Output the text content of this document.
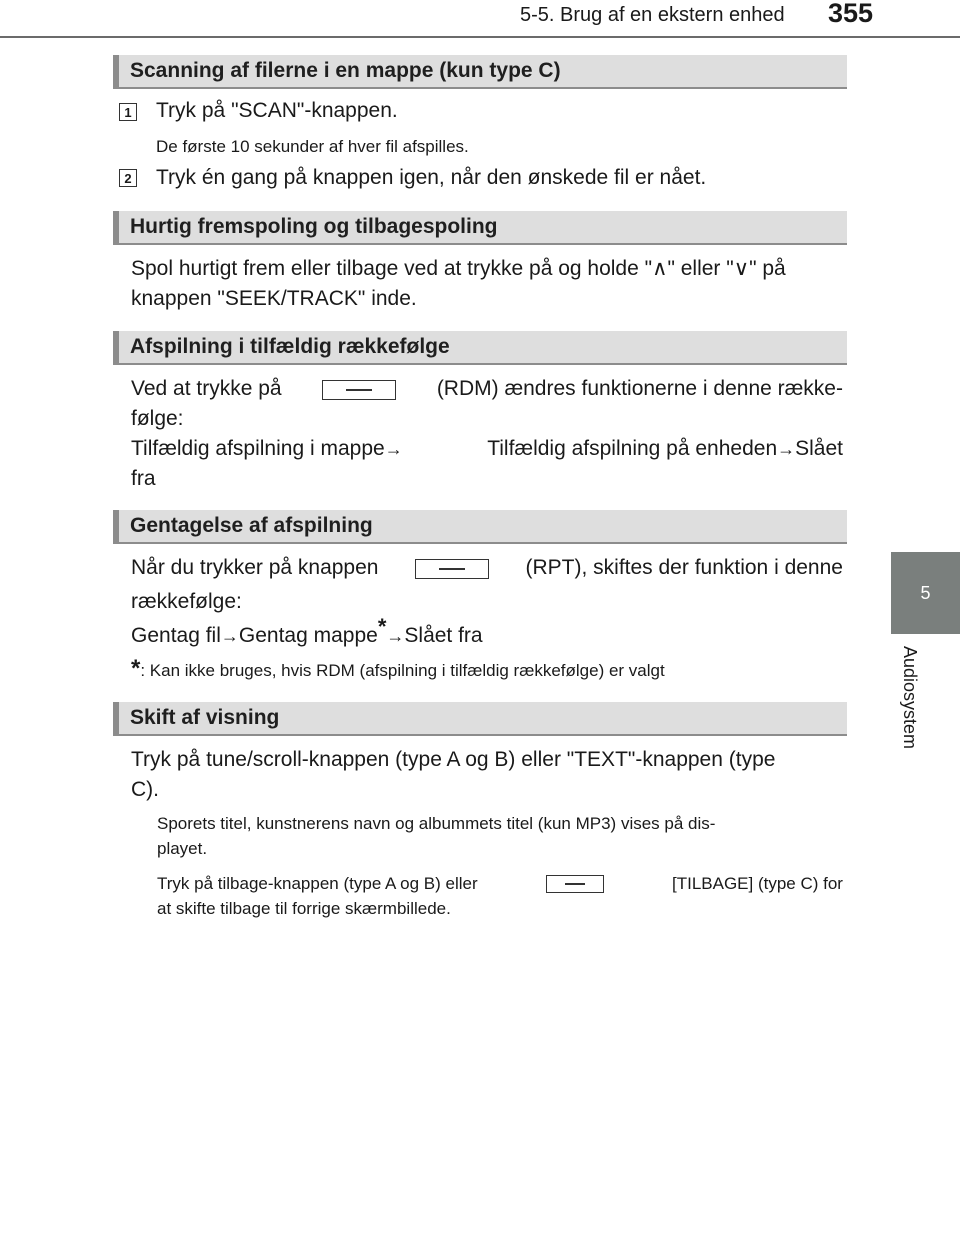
5-5. Brug af en ekstern enhed 355
5
Audiosystem
Scanning af filerne i en mappe (kun type C)
1 Tryk på "SCAN"-knappen.
De første 10 sekunder af hver fil afspilles.
2 Tryk én gang på knappen igen, når den ønskede fil er nået.
Hurtig fremspoling og tilbagespoling
Spol hurtigt frem eller tilbage ved at trykke på og holde "∧" eller "∨" på
knappen "SEEK/TRACK" inde.
Afspilning i tilfældig rækkefølge
Ved at trykke på	(RDM) ændres funktionerne i denne række-
følge:
Tilfældig afspilning i mappe→	Tilfældig afspilning på enheden→Slået
fra
Gentagelse af afspilning
Når du trykker på knappen	(RPT), skiftes der funktion i denne
rækkefølge:
Gentag fil→Gentag mappe*→Slået fra
*: Kan ikke bruges, hvis RDM (afspilning i tilfældig rækkefølge) er valgt
Skift af visning
Tryk på tune/scroll-knappen (type A og B) eller "TEXT"-knappen (type
C).
Sporets titel, kunstnerens navn og albummets titel (kun MP3) vises på dis-
playet.
Tryk på tilbage-knappen (type A og B) eller	[TILBAGE] (type C) for
at skifte tilbage til forrige skærmbillede.
